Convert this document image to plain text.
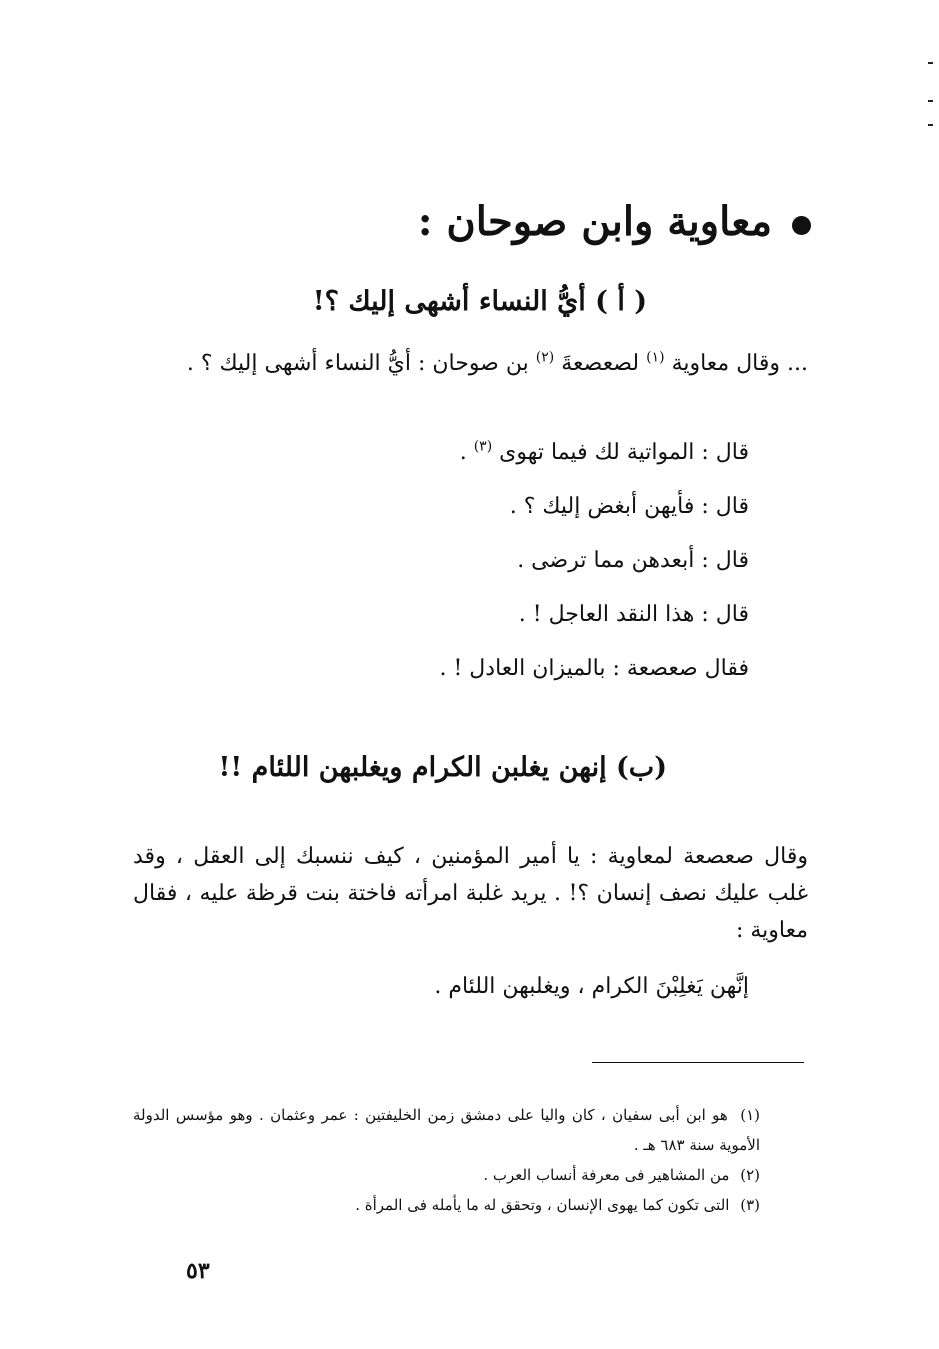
معاوية وابن صوحان :
( أ ) أيُّ النساء أشهى إليك ؟!

... وقال معاوية $^{(١)}$ لصعصعةَ $^{(٢)}$ بن صوحان : أيُّ النساء أشهى إليك ؟ .

قال : المواتية لك فيما تهوى $^{(٣)}$ .
قال : فأيهن أبغض إليك ؟ .
قال : أبعدهن مما ترضى .
قال : هذا النقد العاجل ! .
فقال صعصعة : بالميزان العادل ! .
(ب) إنهن يغلبن الكرام ويغلبهن اللئام !!

وقال صعصعة لمعاوية : يا أمير المؤمنين ، كيف ننسبك إلى العقل ، وقد غلب عليك نصف إنسان ؟! . يريد غلبة امرأته فاختة بنت قرظة عليه ، فقال معاوية :

إنَّهن يَغلِبْنَ الكرام ، ويغلبهن اللئام .

(١) هو ابن أبى سفيان ، كان واليا على دمشق زمن الخليفتين : عمر وعثمان . وهو مؤسس الدولة الأموية سنة ٦٨٣ هـ .

(٢) من المشاهير فى معرفة أنساب العرب .

(٣) التى تكون كما يهوى الإنسان ، وتحقق له ما يأمله فى المرأة .

٥٣
